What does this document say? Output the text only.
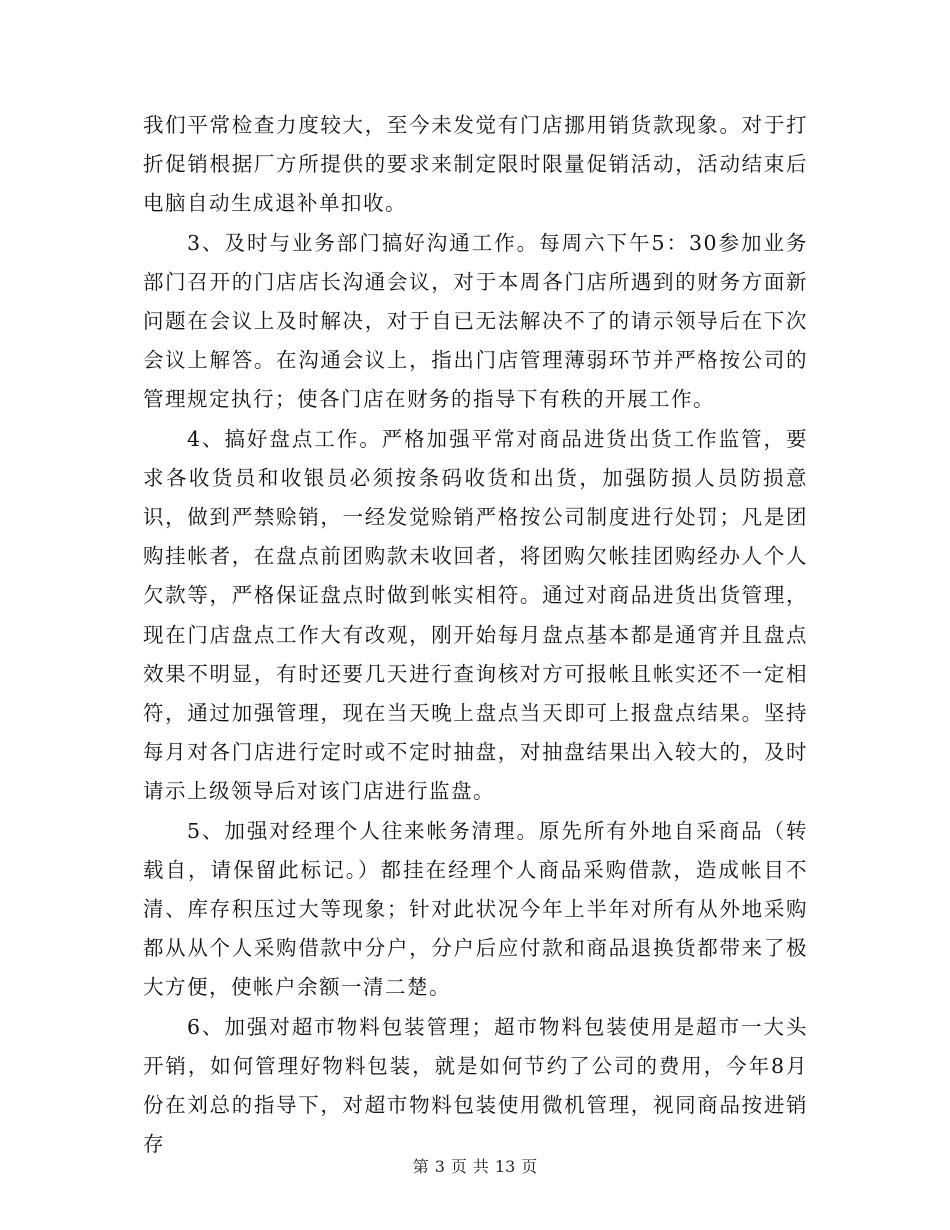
我们平常检查力度较大，至今未发觉有门店挪用销货款现象。对于打折促销根据厂方所提供的要求来制定限时限量促销活动，活动结束后电脑自动生成退补单扣收。

3、及时与业务部门搞好沟通工作。每周六下午5：30参加业务部门召开的门店店长沟通会议，对于本周各门店所遇到的财务方面新问题在会议上及时解决，对于自已无法解决不了的请示领导后在下次会议上解答。在沟通会议上，指出门店管理薄弱环节并严格按公司的管理规定执行；使各门店在财务的指导下有秩的开展工作。

4、搞好盘点工作。严格加强平常对商品进货出货工作监管，要求各收货员和收银员必须按条码收货和出货，加强防损人员防损意识，做到严禁赊销，一经发觉赊销严格按公司制度进行处罚；凡是团购挂帐者，在盘点前团购款未收回者，将团购欠帐挂团购经办人个人欠款等，严格保证盘点时做到帐实相符。通过对商品进货出货管理，现在门店盘点工作大有改观，刚开始每月盘点基本都是通宵并且盘点效果不明显，有时还要几天进行查询核对方可报帐且帐实还不一定相符，通过加强管理，现在当天晚上盘点当天即可上报盘点结果。坚持每月对各门店进行定时或不定时抽盘，对抽盘结果出入较大的，及时请示上级领导后对该门店进行监盘。

5、加强对经理个人往来帐务清理。原先所有外地自采商品（转载自，请保留此标记。）都挂在经理个人商品采购借款，造成帐目不清、库存积压过大等现象；针对此状况今年上半年对所有从外地采购都从从个人采购借款中分户，分户后应付款和商品退换货都带来了极大方便，使帐户余额一清二楚。

6、加强对超市物料包装管理；超市物料包装使用是超市一大头开销，如何管理好物料包装，就是如何节约了公司的费用，今年8月份在刘总的指导下，对超市物料包装使用微机管理，视同商品按进销存

第 3 页 共 13 页
